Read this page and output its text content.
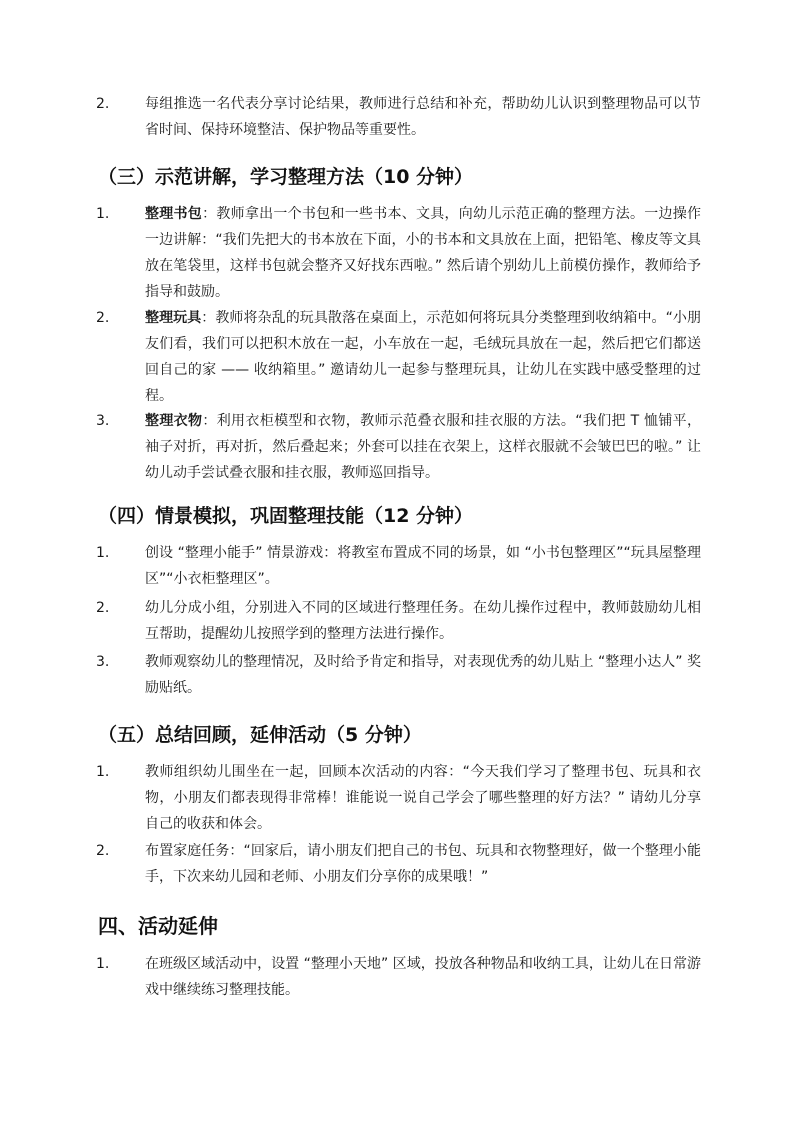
2.	每组推选一名代表分享讨论结果，教师进行总结和补充，帮助幼儿认识到整理物品可以节省时间、保持环境整洁、保护物品等重要性。
（三）示范讲解，学习整理方法（10 分钟）
1.	整理书包：教师拿出一个书包和一些书本、文具，向幼儿示范正确的整理方法。一边操作一边讲解：“我们先把大的书本放在下面，小的书本和文具放在上面，把铅笔、橡皮等文具放在笔袋里，这样书包就会整齐又好找东西啦。” 然后请个别幼儿上前模仿操作，教师给予指导和鼓励。
2.	整理玩具：教师将杂乱的玩具散落在桌面上，示范如何将玩具分类整理到收纳箱中。“小朋友们看，我们可以把积木放在一起，小车放在一起，毛绒玩具放在一起，然后把它们都送回自己的家 —— 收纳箱里。” 邀请幼儿一起参与整理玩具，让幼儿在实践中感受整理的过程。
3.	整理衣物：利用衣柜模型和衣物，教师示范叠衣服和挂衣服的方法。“我们把 T 恤铺平，袖子对折，再对折，然后叠起来；外套可以挂在衣架上，这样衣服就不会皱巴巴的啦。” 让幼儿动手尝试叠衣服和挂衣服，教师巡回指导。
（四）情景模拟，巩固整理技能（12 分钟）
1.	创设 “整理小能手” 情景游戏：将教室布置成不同的场景，如 “小书包整理区”“玩具屋整理区”“小衣柜整理区”。
2.	幼儿分成小组，分别进入不同的区域进行整理任务。在幼儿操作过程中，教师鼓励幼儿相互帮助，提醒幼儿按照学到的整理方法进行操作。
3.	教师观察幼儿的整理情况，及时给予肯定和指导，对表现优秀的幼儿贴上 “整理小达人” 奖励贴纸。
（五）总结回顾，延伸活动（5 分钟）
1.	教师组织幼儿围坐在一起，回顾本次活动的内容：“今天我们学习了整理书包、玩具和衣物，小朋友们都表现得非常棒！谁能说一说自己学会了哪些整理的好方法？” 请幼儿分享自己的收获和体会。
2.	布置家庭任务：“回家后，请小朋友们把自己的书包、玩具和衣物整理好，做一个整理小能手，下次来幼儿园和老师、小朋友们分享你的成果哦！”
四、活动延伸
1.	在班级区域活动中，设置 “整理小天地” 区域，投放各种物品和收纳工具，让幼儿在日常游戏中继续练习整理技能。
